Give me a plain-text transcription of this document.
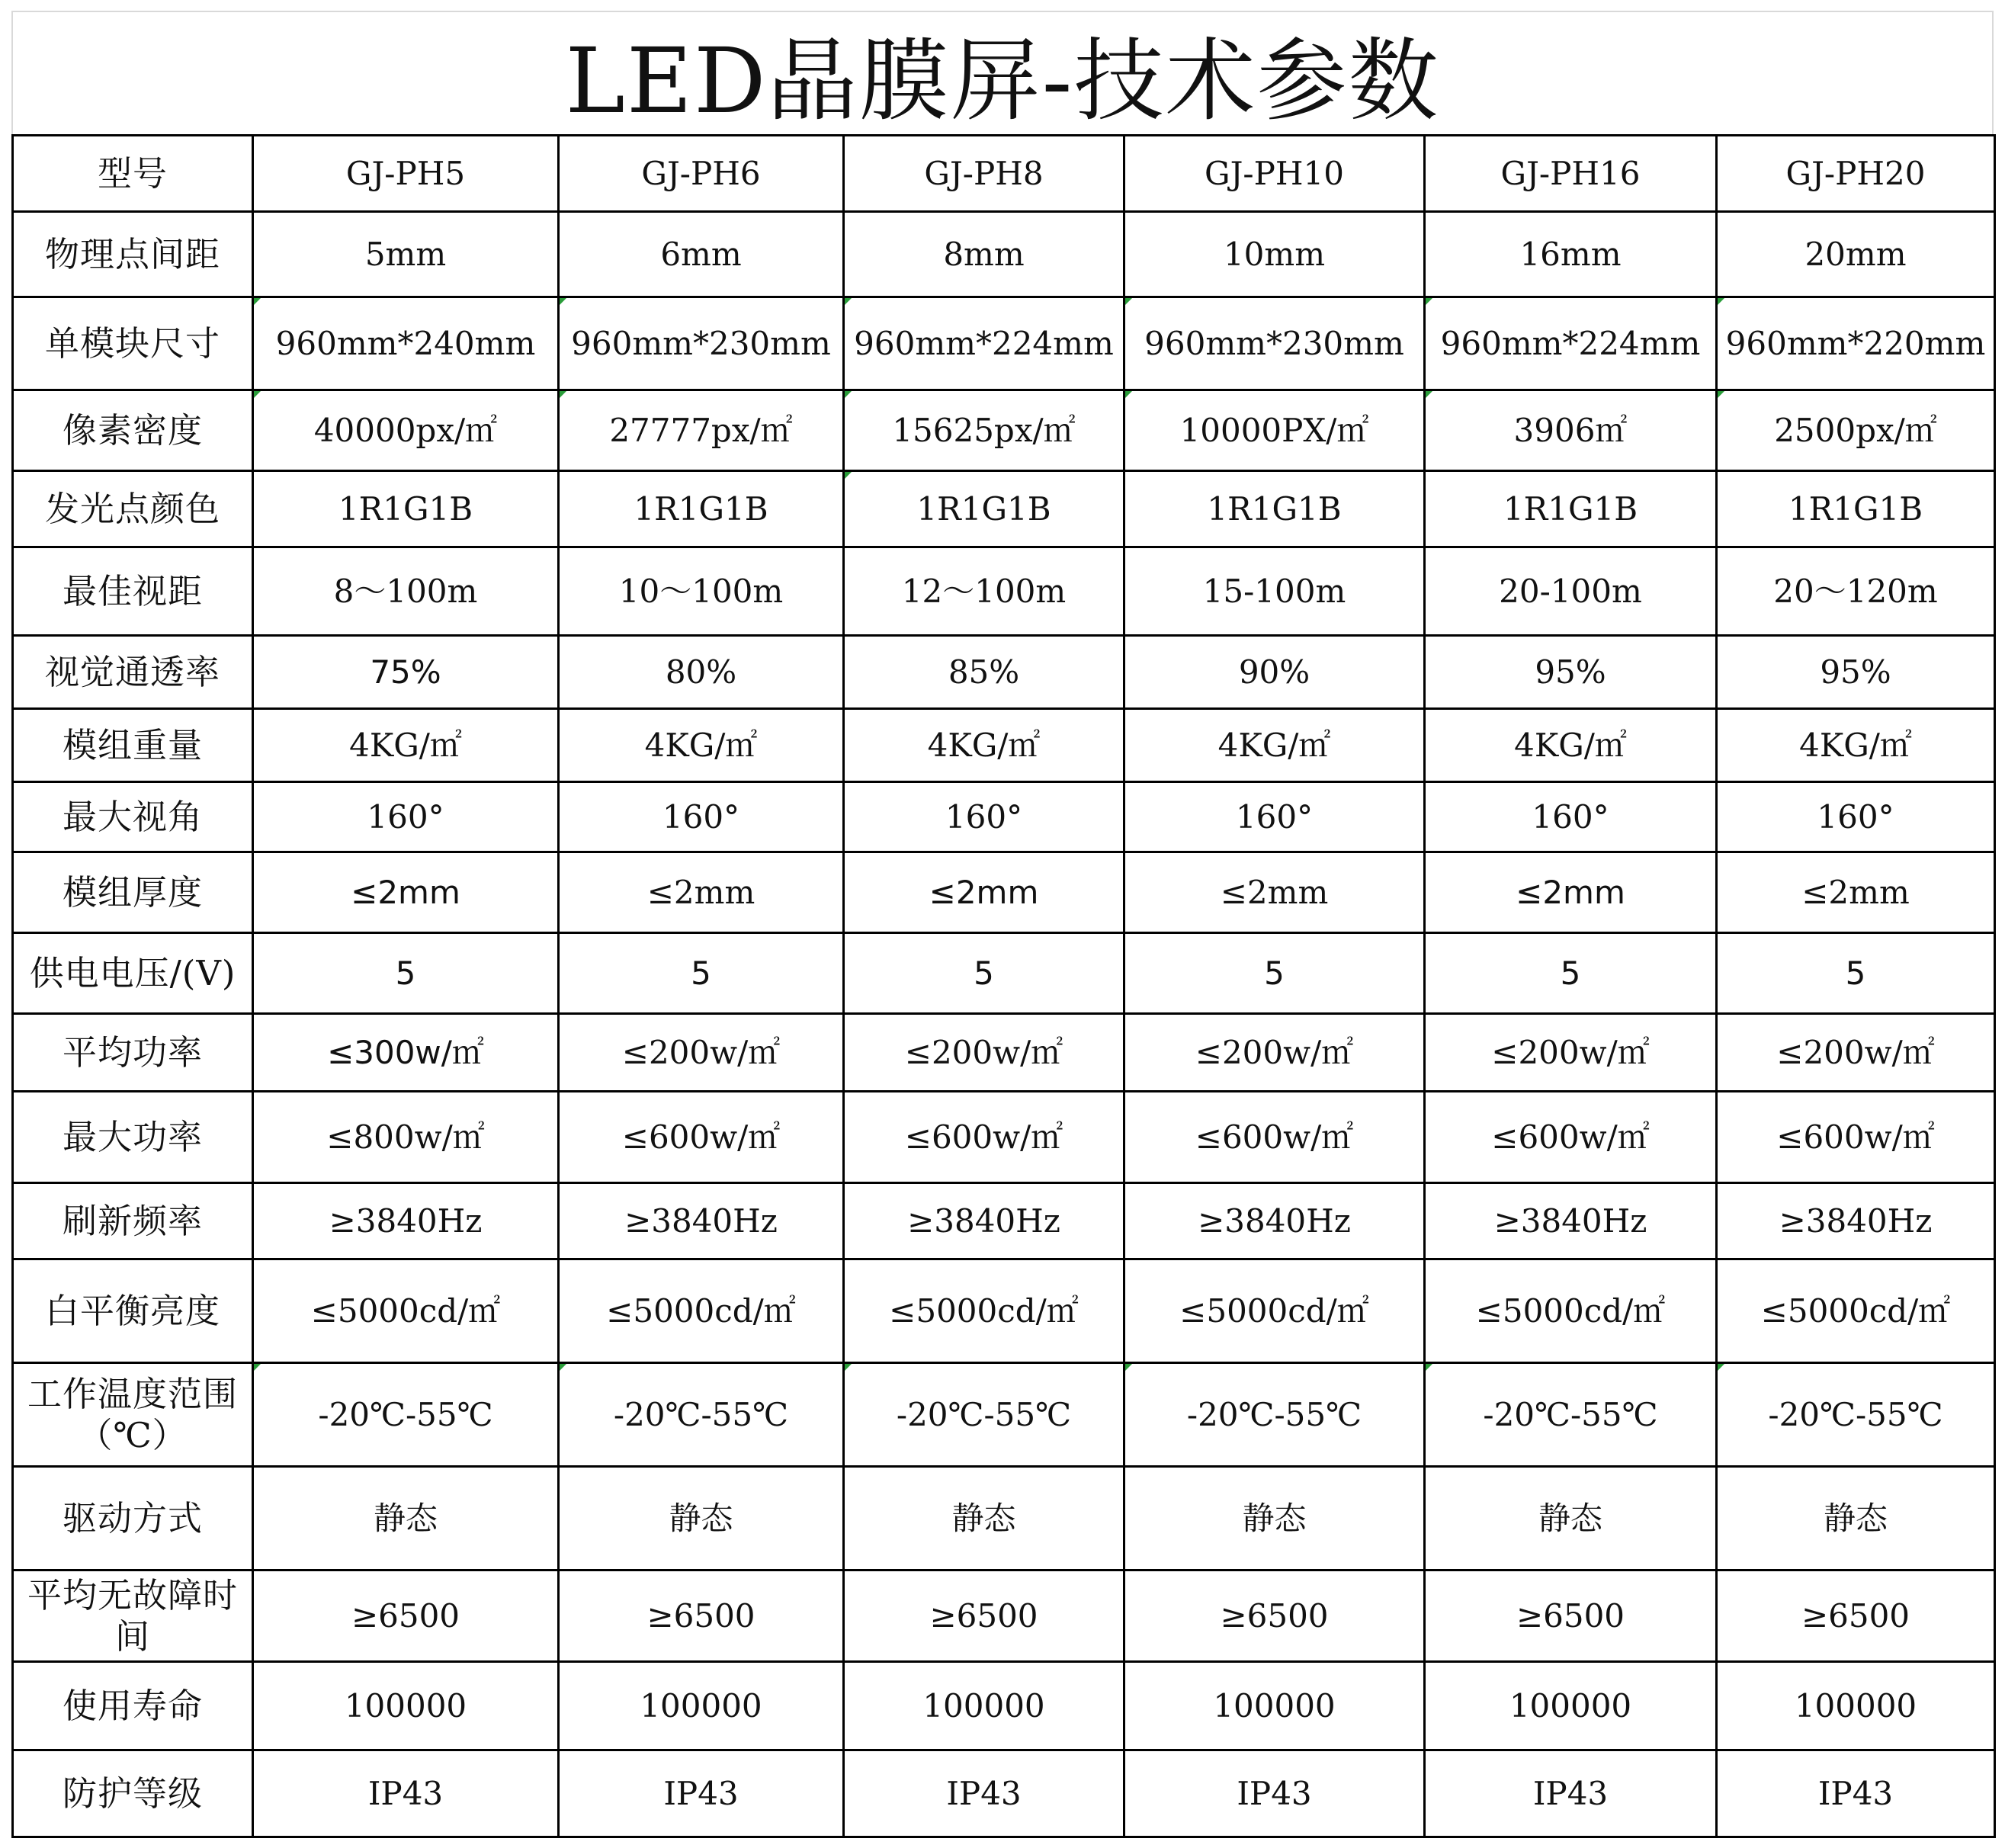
LED晶膜屏-技术参数
型号	GJ-PH5	GJ-PH6	GJ-PH8	GJ-PH10	GJ-PH16	GJ-PH20
物理点间距	5mm	6mm	8mm	10mm	16mm	20mm
单模块尺寸	960mm*240mm	960mm*230mm	960mm*224mm	960mm*230mm	960mm*224mm	960mm*220mm
像素密度	40000px/㎡	27777px/㎡	15625px/㎡	10000PX/㎡	3906㎡	2500px/㎡
发光点颜色	1R1G1B	1R1G1B	1R1G1B	1R1G1B	1R1G1B	1R1G1B
最佳视距	8～100m	10～100m	12～100m	15-100m	20-100m	20～120m
视觉通透率	75%	80%	85%	90%	95%	95%
模组重量	4KG/㎡	4KG/㎡	4KG/㎡	4KG/㎡	4KG/㎡	4KG/㎡
最大视角	160°	160°	160°	160°	160°	160°
模组厚度	≤2mm	≤2mm	≤2mm	≤2mm	≤2mm	≤2mm
供电电压/(V)	5	5	5	5	5	5
平均功率	≤300w/㎡	≤200w/㎡	≤200w/㎡	≤200w/㎡	≤200w/㎡	≤200w/㎡
最大功率	≤800w/㎡	≤600w/㎡	≤600w/㎡	≤600w/㎡	≤600w/㎡	≤600w/㎡
刷新频率	≥3840Hz	≥3840Hz	≥3840Hz	≥3840Hz	≥3840Hz	≥3840Hz
白平衡亮度	≤5000cd/㎡	≤5000cd/㎡	≤5000cd/㎡	≤5000cd/㎡	≤5000cd/㎡	≤5000cd/㎡
工作温度范围（℃）	-20℃-55℃	-20℃-55℃	-20℃-55℃	-20℃-55℃	-20℃-55℃	-20℃-55℃
驱动方式	静态	静态	静态	静态	静态	静态
平均无故障时间	≥6500	≥6500	≥6500	≥6500	≥6500	≥6500
使用寿命	100000	100000	100000	100000	100000	100000
防护等级	IP43	IP43	IP43	IP43	IP43	IP43
